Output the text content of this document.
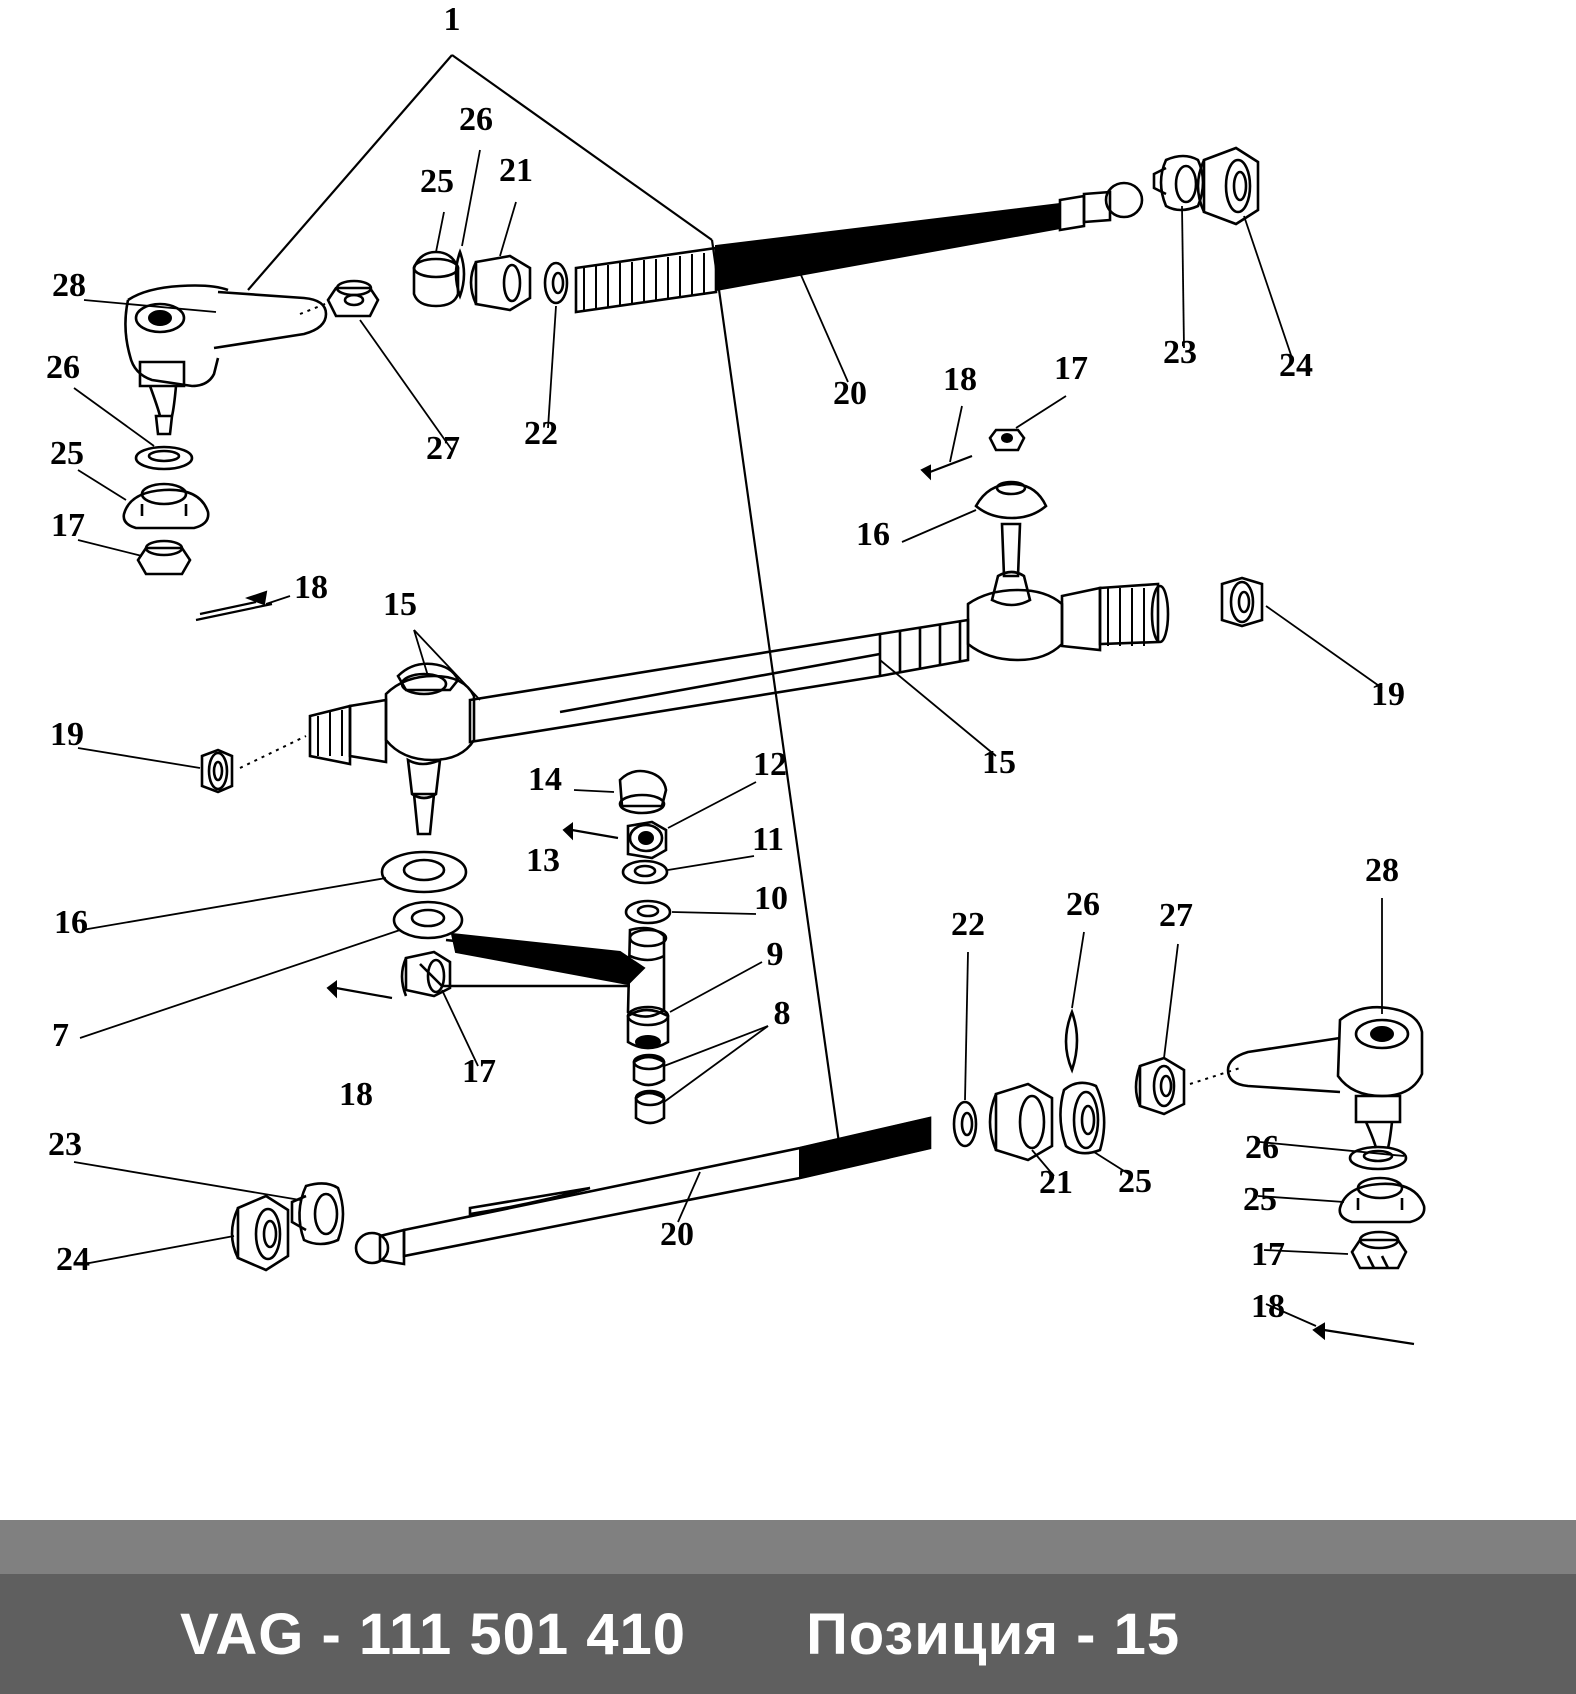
1
26
25 21
28
23 24
20 18 17
26
27 22
25
16
17
18 15
19
19
15
14	12
13
11
10
28
16	22
26 27
9
8
7
17
18
26
21 25
23
25
20
17
24
18
VAG - 111 501 410 Позиция - 15
